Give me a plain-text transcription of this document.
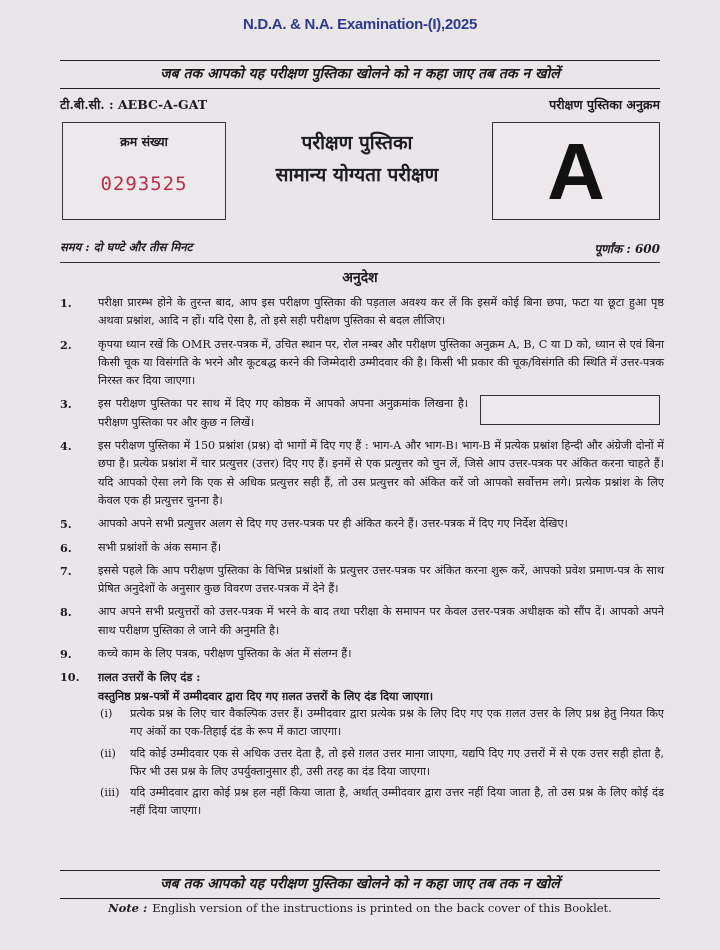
N.D.A. & N.A. Examination-(I),2025
जब तक आपको यह परीक्षण पुस्तिका खोलने को न कहा जाए तब तक न खोलें
टी.बी.सी. : AEBC-A-GAT	परीक्षण पुस्तिका अनुक्रम
क्रम संख्या
0293525
परीक्षण पुस्तिका
सामान्य योग्यता परीक्षण	A
समय : दो घण्टे और तीस मिनट	पूर्णांक : 600
अनुदेश
1.	परीक्षा प्रारम्भ होने के तुरन्त बाद, आप इस परीक्षण पुस्तिका की पड़ताल अवश्य कर लें कि इसमें कोई बिना छपा, फटा या छूटा हुआ पृष्ठ अथवा प्रश्नांश, आदि न हों। यदि ऐसा है, तो इसे सही परीक्षण पुस्तिका से बदल लीजिए।
2.	कृपया ध्यान रखें कि OMR उत्तर-पत्रक में, उचित स्थान पर, रोल नम्बर और परीक्षण पुस्तिका अनुक्रम A, B, C या D को, ध्यान से एवं बिना किसी चूक या विसंगति के भरने और कूटबद्ध करने की जिम्मेदारी उम्मीदवार की है। किसी भी प्रकार की चूक/विसंगति की स्थिति में उत्तर-पत्रक निरस्त कर दिया जाएगा।
3.	इस परीक्षण पुस्तिका पर साथ में दिए गए कोष्ठक में आपको अपना अनुक्रमांक लिखना है। परीक्षण पुस्तिका पर और कुछ न लिखें।
4.	इस परीक्षण पुस्तिका में 150 प्रश्नांश (प्रश्न) दो भागों में दिए गए हैं : भाग-A और भाग-B। भाग-B में प्रत्येक प्रश्नांश हिन्दी और अंग्रेजी दोनों में छपा है। प्रत्येक प्रश्नांश में चार प्रत्युत्तर (उत्तर) दिए गए हैं। इनमें से एक प्रत्युत्तर को चुन लें, जिसे आप उत्तर-पत्रक पर अंकित करना चाहते हैं। यदि आपको ऐसा लगे कि एक से अधिक प्रत्युत्तर सही हैं, तो उस प्रत्युत्तर को अंकित करें जो आपको सर्वोत्तम लगे। प्रत्येक प्रश्नांश के लिए केवल एक ही प्रत्युत्तर चुनना है।
5.	आपको अपने सभी प्रत्युत्तर अलग से दिए गए उत्तर-पत्रक पर ही अंकित करने हैं। उत्तर-पत्रक में दिए गए निर्देश देखिए।
6.	सभी प्रश्नांशों के अंक समान हैं।
7.	इससे पहले कि आप परीक्षण पुस्तिका के विभिन्न प्रश्नांशों के प्रत्युत्तर उत्तर-पत्रक पर अंकित करना शुरू करें, आपको प्रवेश प्रमाण-पत्र के साथ प्रेषित अनुदेशों के अनुसार कुछ विवरण उत्तर-पत्रक में देने हैं।
8.	आप अपने सभी प्रत्युत्तरों को उत्तर-पत्रक में भरने के बाद तथा परीक्षा के समापन पर केवल उत्तर-पत्रक अधीक्षक को सौंप दें। आपको अपने साथ परीक्षण पुस्तिका ले जाने की अनुमति है।
9.	कच्चे काम के लिए पत्रक, परीक्षण पुस्तिका के अंत में संलग्न हैं।
10.	ग़लत उत्तरों के लिए दंड :
वस्तुनिष्ठ प्रश्न-पत्रों में उम्मीदवार द्वारा दिए गए ग़लत उत्तरों के लिए दंड दिया जाएगा।
(i)	प्रत्येक प्रश्न के लिए चार वैकल्पिक उत्तर हैं। उम्मीदवार द्वारा प्रत्येक प्रश्न के लिए दिए गए एक ग़लत उत्तर के लिए प्रश्न हेतु नियत किए गए अंकों का एक-तिहाई दंड के रूप में काटा जाएगा।
(ii)	यदि कोई उम्मीदवार एक से अधिक उत्तर देता है, तो इसे ग़लत उत्तर माना जाएगा, यद्यपि दिए गए उत्तरों में से एक उत्तर सही होता है, फिर भी उस प्रश्न के लिए उपर्युक्तानुसार ही, उसी तरह का दंड दिया जाएगा।
(iii) यदि उम्मीदवार द्वारा कोई प्रश्न हल नहीं किया जाता है, अर्थात् उम्मीदवार द्वारा उत्तर नहीं दिया जाता है, तो उस प्रश्न के लिए कोई दंड नहीं दिया जाएगा।
जब तक आपको यह परीक्षण पुस्तिका खोलने को न कहा जाए तब तक न खोलें
Note : English version of the instructions is printed on the back cover of this Booklet.
